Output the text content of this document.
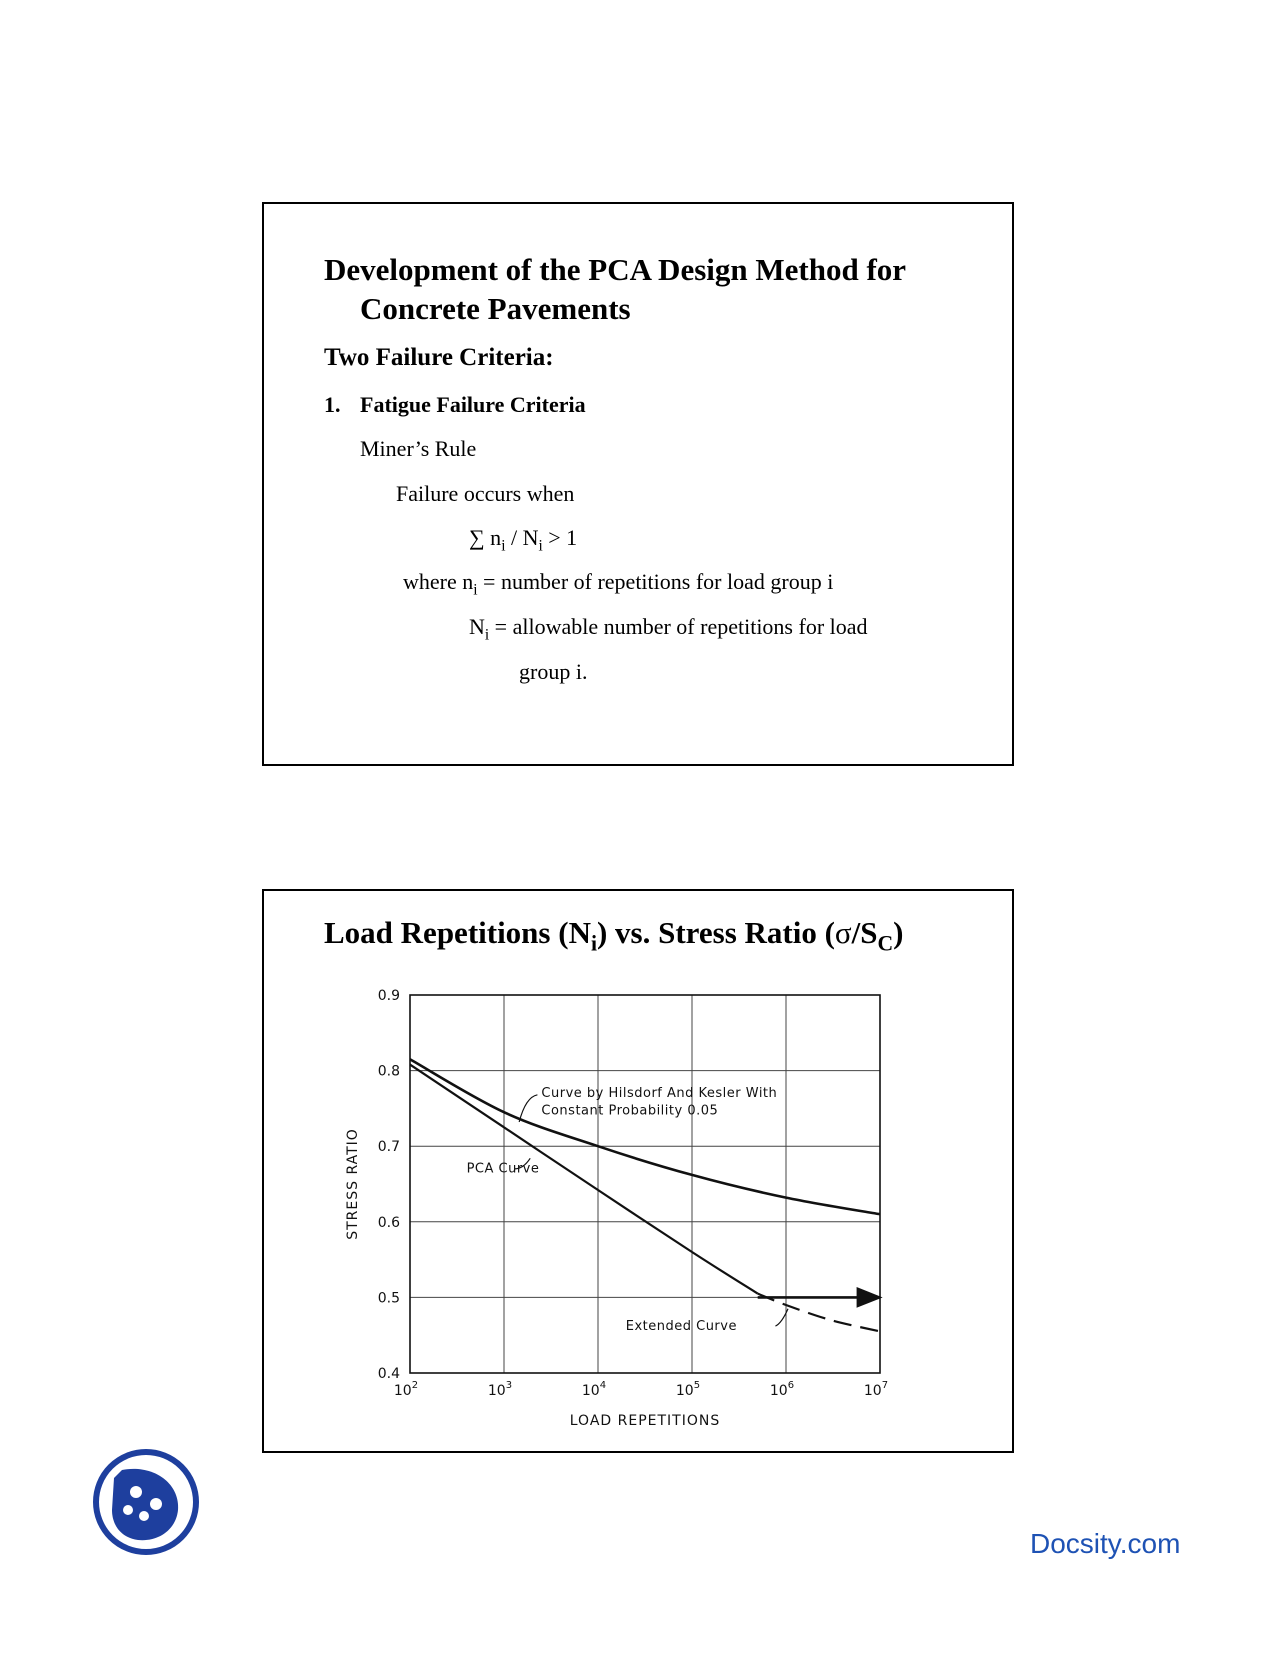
Development of the PCA Design Method for
Concrete Pavements
Two Failure Criteria:
1. Fatigue Failure Criteria
Miner’s Rule
Failure occurs when
∑ $n_i / N_i > 1$
where $n_i$ = number of repetitions for load group i
$N_i$ = allowable number of repetitions for load
group i.
Load Repetitions $(N_i)$ vs. Stress Ratio $(\sigma/S_C)$
0.9
0.8
0.7
0.6
0.5
0.4
$10^2$	$10^3$	$10^4$	$10^5$	$10^6$	$10^7$
LOAD REPETITIONS
STRESS RATIO
Curve by Hilsdorf And Kesler With
Constant Probability 0.05
PCA Curve
Extended Curve
Docsity.com
